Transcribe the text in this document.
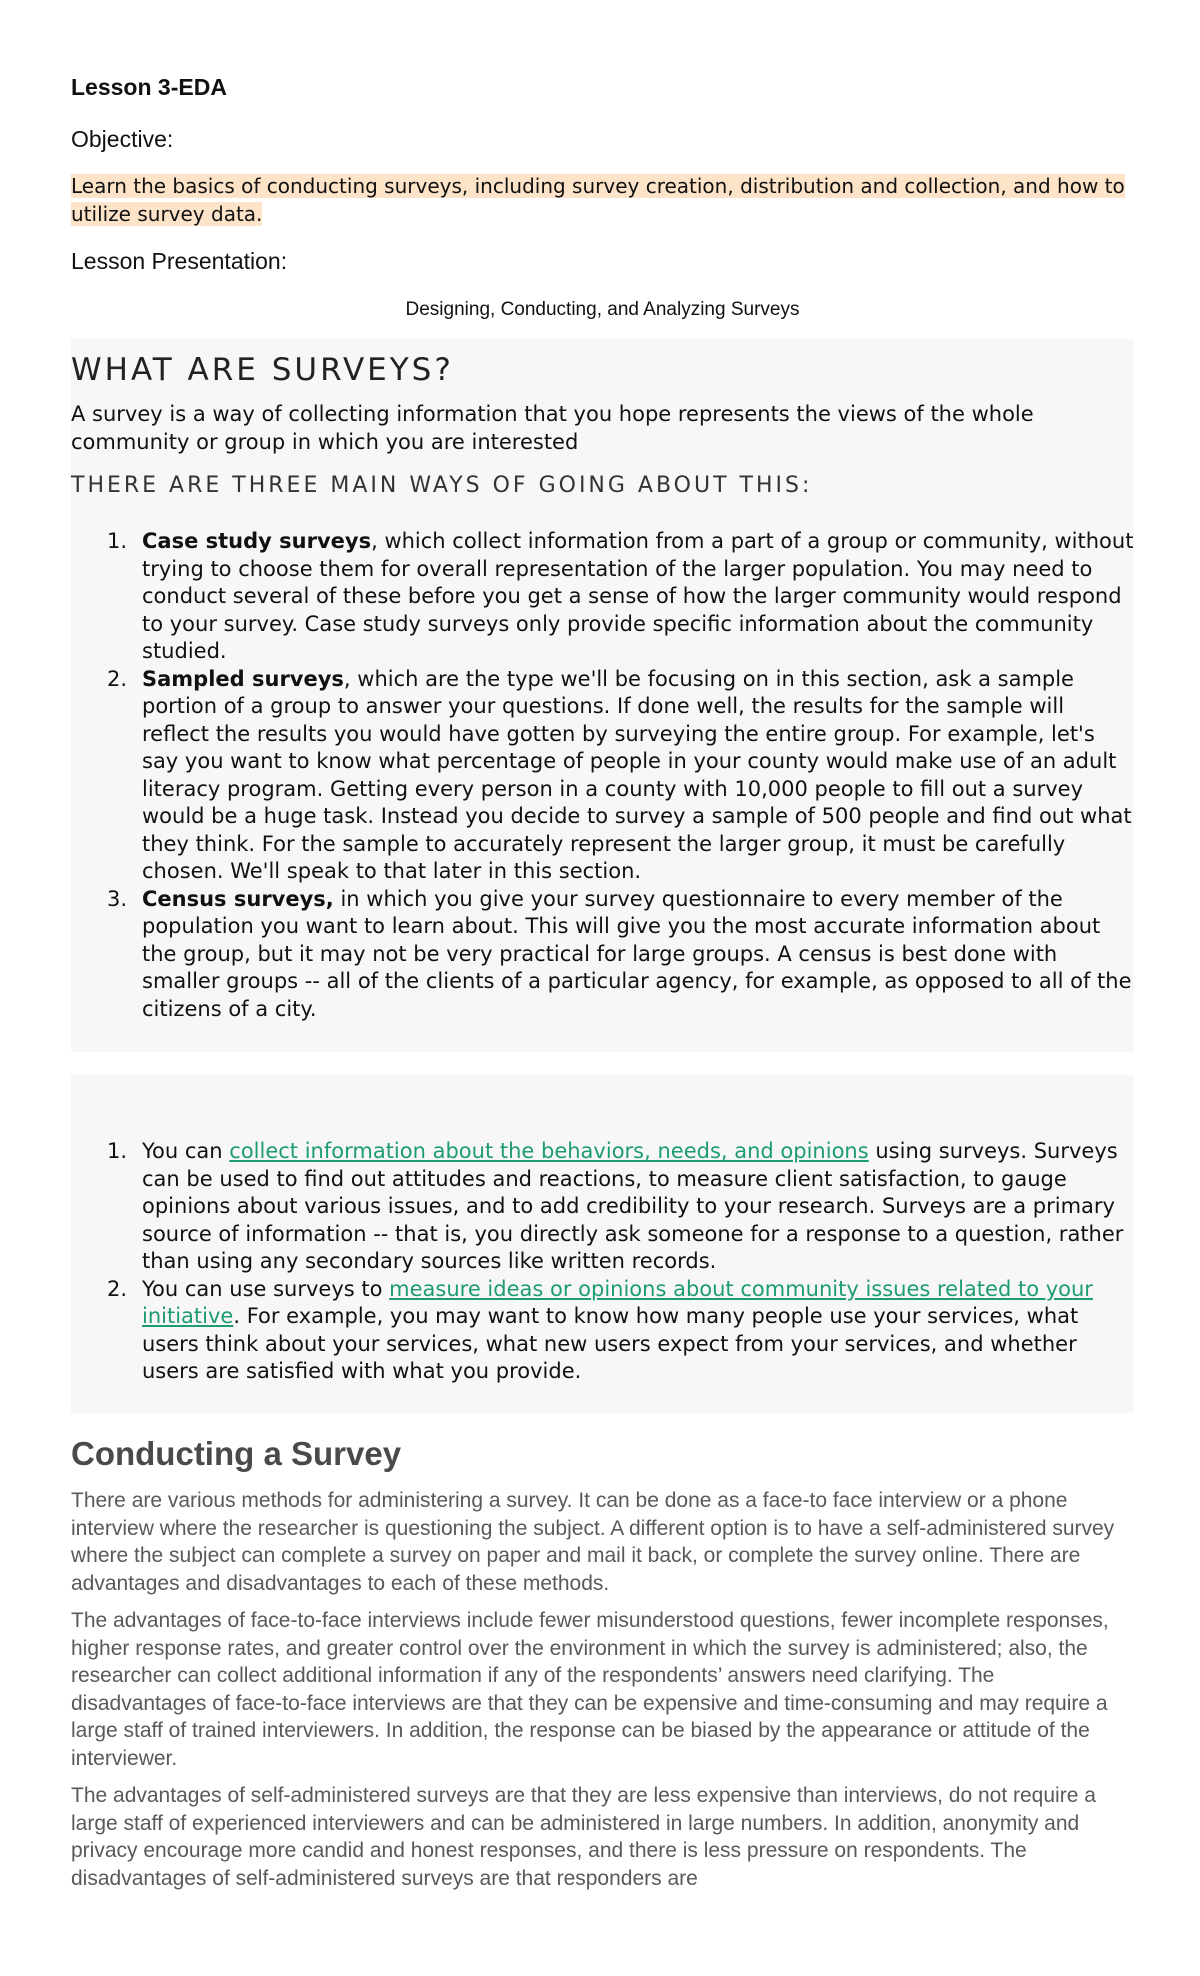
Lesson 3-EDA
Objective:
Learn the basics of conducting surveys, including survey creation, distribution and collection, and how to utilize survey data.
Lesson Presentation:
Designing, Conducting, and Analyzing Surveys
WHAT ARE SURVEYS?
A survey is a way of collecting information that you hope represents the views of the whole community or group in which you are interested
THERE ARE THREE MAIN WAYS OF GOING ABOUT THIS:
1. Case study surveys, which collect information from a part of a group or community, without trying to choose them for overall representation of the larger population. You may need to conduct several of these before you get a sense of how the larger community would respond to your survey. Case study surveys only provide specific information about the community studied.
2. Sampled surveys, which are the type we'll be focusing on in this section, ask a sample portion of a group to answer your questions. If done well, the results for the sample will reflect the results you would have gotten by surveying the entire group. For example, let's say you want to know what percentage of people in your county would make use of an adult literacy program. Getting every person in a county with 10,000 people to fill out a survey would be a huge task. Instead you decide to survey a sample of 500 people and find out what they think. For the sample to accurately represent the larger group, it must be carefully chosen. We'll speak to that later in this section.
3. Census surveys, in which you give your survey questionnaire to every member of the population you want to learn about. This will give you the most accurate information about the group, but it may not be very practical for large groups. A census is best done with smaller groups -- all of the clients of a particular agency, for example, as opposed to all of the citizens of a city.
1. You can collect information about the behaviors, needs, and opinions using surveys. Surveys can be used to find out attitudes and reactions, to measure client satisfaction, to gauge opinions about various issues, and to add credibility to your research. Surveys are a primary source of information -- that is, you directly ask someone for a response to a question, rather than using any secondary sources like written records.
2. You can use surveys to measure ideas or opinions about community issues related to your initiative. For example, you may want to know how many people use your services, what users think about your services, what new users expect from your services, and whether users are satisfied with what you provide.
Conducting a Survey
There are various methods for administering a survey. It can be done as a face-to face interview or a phone interview where the researcher is questioning the subject. A different option is to have a self-administered survey where the subject can complete a survey on paper and mail it back, or complete the survey online. There are advantages and disadvantages to each of these methods.
The advantages of face-to-face interviews include fewer misunderstood questions, fewer incomplete responses, higher response rates, and greater control over the environment in which the survey is administered; also, the researcher can collect additional information if any of the respondents’ answers need clarifying. The disadvantages of face-to-face interviews are that they can be expensive and time-consuming and may require a large staff of trained interviewers. In addition, the response can be biased by the appearance or attitude of the interviewer.
The advantages of self-administered surveys are that they are less expensive than interviews, do not require a large staff of experienced interviewers and can be administered in large numbers. In addition, anonymity and privacy encourage more candid and honest responses, and there is less pressure on respondents. The disadvantages of self-administered surveys are that responders are
